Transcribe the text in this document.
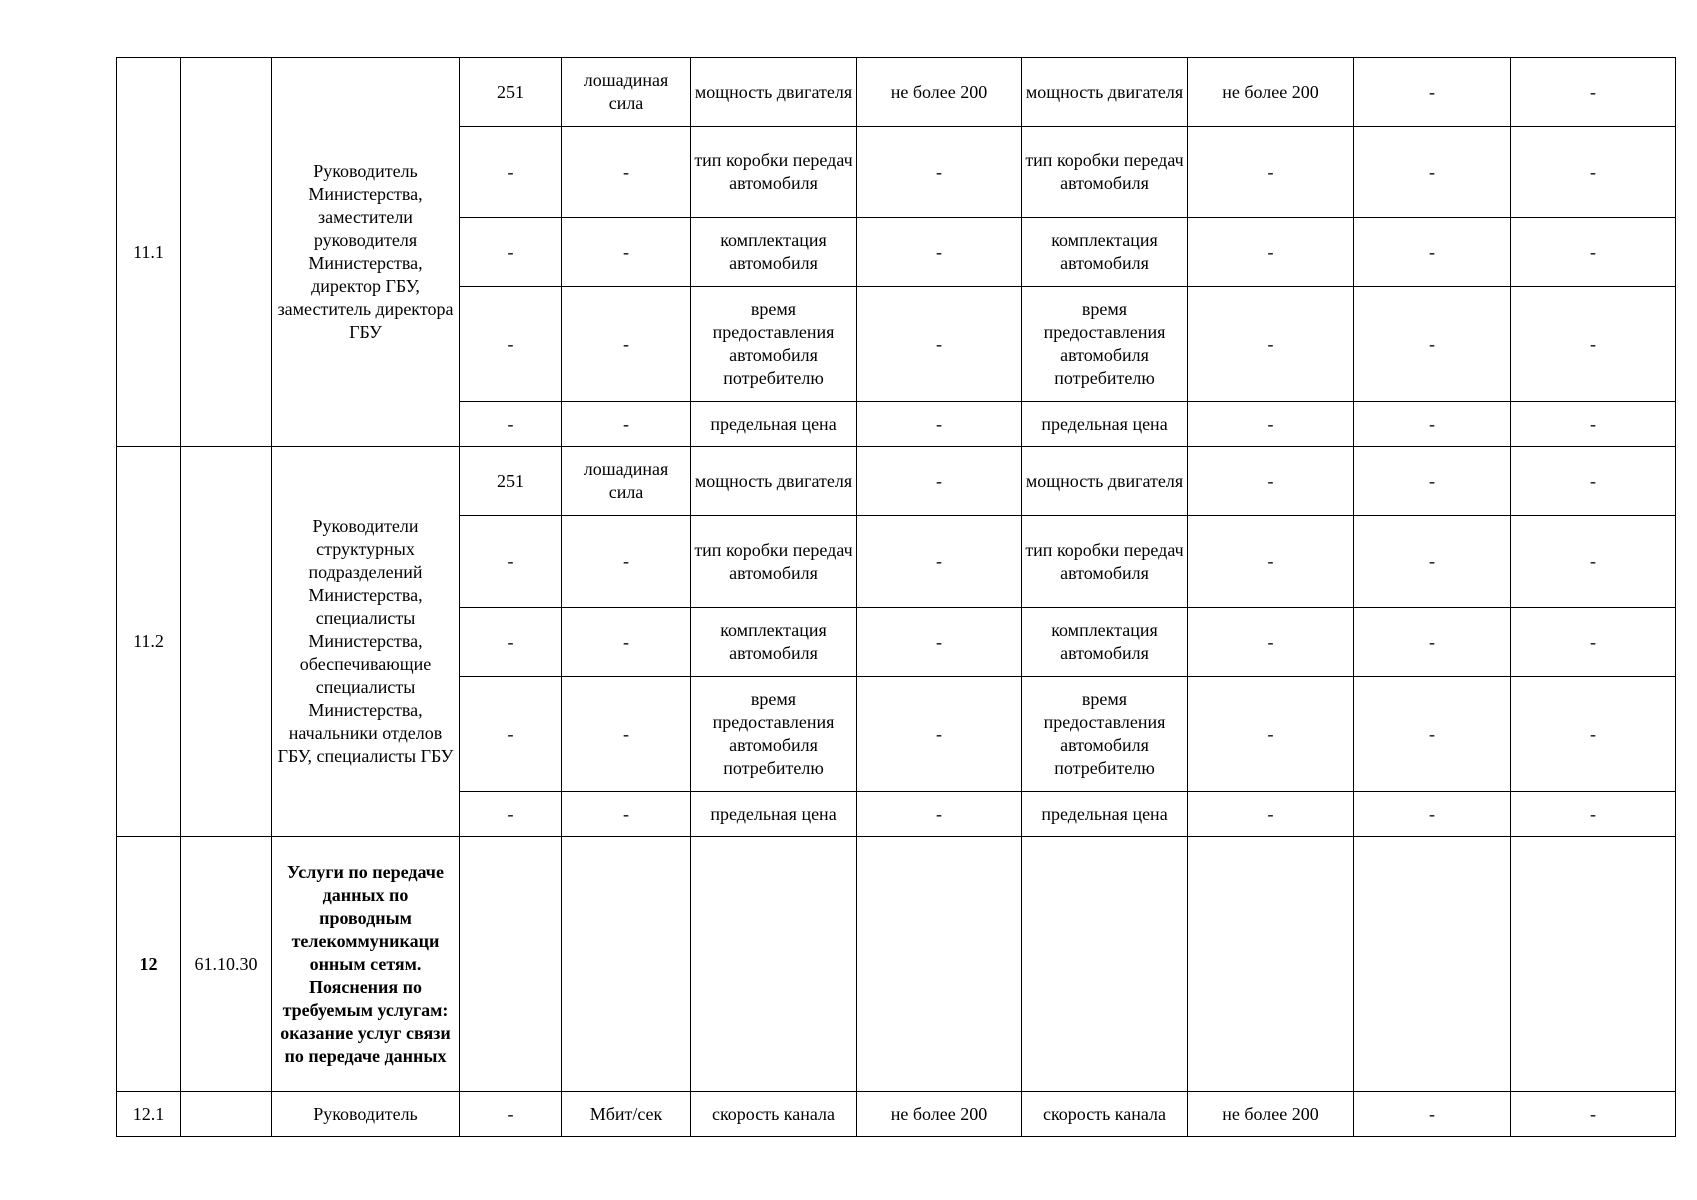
11.1		Руководитель Министерства, заместители руководителя Министерства, директор ГБУ, заместитель директора ГБУ	251	лошадиная сила	мощность двигателя	не более 200	мощность двигателя	не более 200	-	-
			-	-	тип коробки передач автомобиля	-	тип коробки передач автомобиля	-	-	-
			-	-	комплектация автомобиля	-	комплектация автомобиля	-	-	-
			-	-	время предоставления автомобиля потребителю	-	время предоставления автомобиля потребителю	-	-	-
			-	-	предельная цена	-	предельная цена	-	-	-
11.2		Руководители структурных подразделений Министерства, специалисты Министерства, обеспечивающие специалисты Министерства, начальники отделов ГБУ, специалисты ГБУ	251	лошадиная сила	мощность двигателя	-	мощность двигателя	-	-	-
			-	-	тип коробки передач автомобиля	-	тип коробки передач автомобиля	-	-	-
			-	-	комплектация автомобиля	-	комплектация автомобиля	-	-	-
			-	-	время предоставления автомобиля потребителю	-	время предоставления автомобиля потребителю	-	-	-
			-	-	предельная цена	-	предельная цена	-	-	-
12	61.10.30	Услуги по передаче данных по проводным телекоммуникаци онным сетям. Пояснения по требуемым услугам: оказание услуг связи по передаче данных								
12.1		Руководитель	-	Мбит/сек	скорость канала	не более 200	скорость канала	не более 200	-	-
